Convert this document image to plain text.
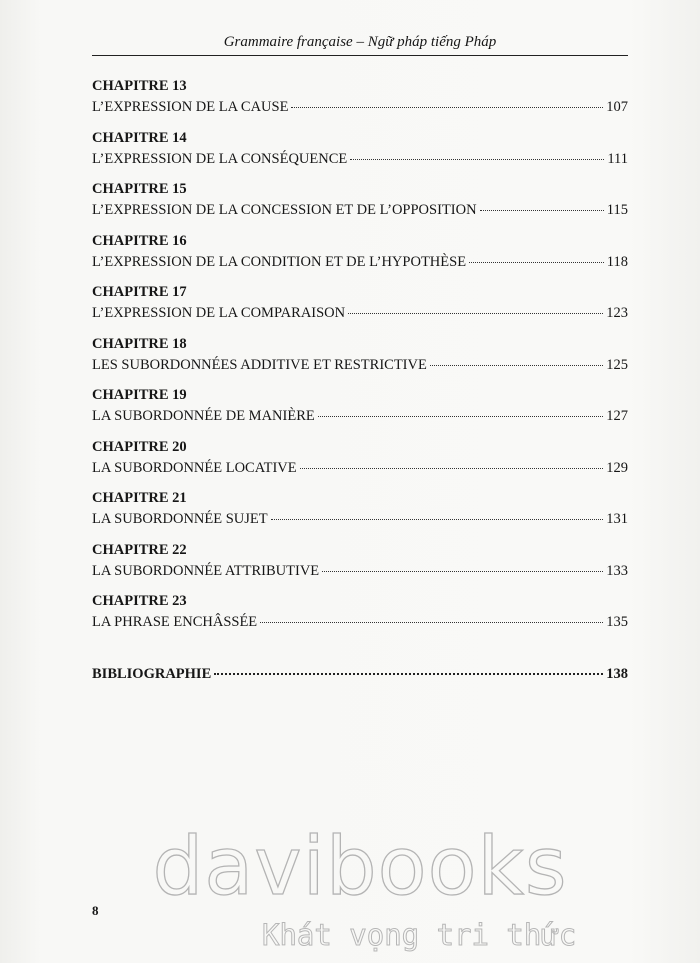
Grammaire française – Ngữ pháp tiếng Pháp
CHAPITRE 13
L’EXPRESSION DE LA CAUSE	107
CHAPITRE 14
L’EXPRESSION DE LA CONSÉQUENCE	111
CHAPITRE 15
L’EXPRESSION DE LA CONCESSION ET DE L’OPPOSITION	115
CHAPITRE 16
L’EXPRESSION DE LA CONDITION ET DE L’HYPOTHÈSE	118
CHAPITRE 17
L’EXPRESSION DE LA COMPARAISON	123
CHAPITRE 18
LES SUBORDONNÉES ADDITIVE ET RESTRICTIVE	125
CHAPITRE 19
LA SUBORDONNÉE DE MANIÈRE	127
CHAPITRE 20
LA SUBORDONNÉE LOCATIVE	129
CHAPITRE 21
LA SUBORDONNÉE SUJET	131
CHAPITRE 22
LA SUBORDONNÉE ATTRIBUTIVE	133
CHAPITRE 23
LA PHRASE ENCHÂSSÉE	135
BIBLIOGRAPHIE	138
8 davibooks
Khát vọng tri thức
